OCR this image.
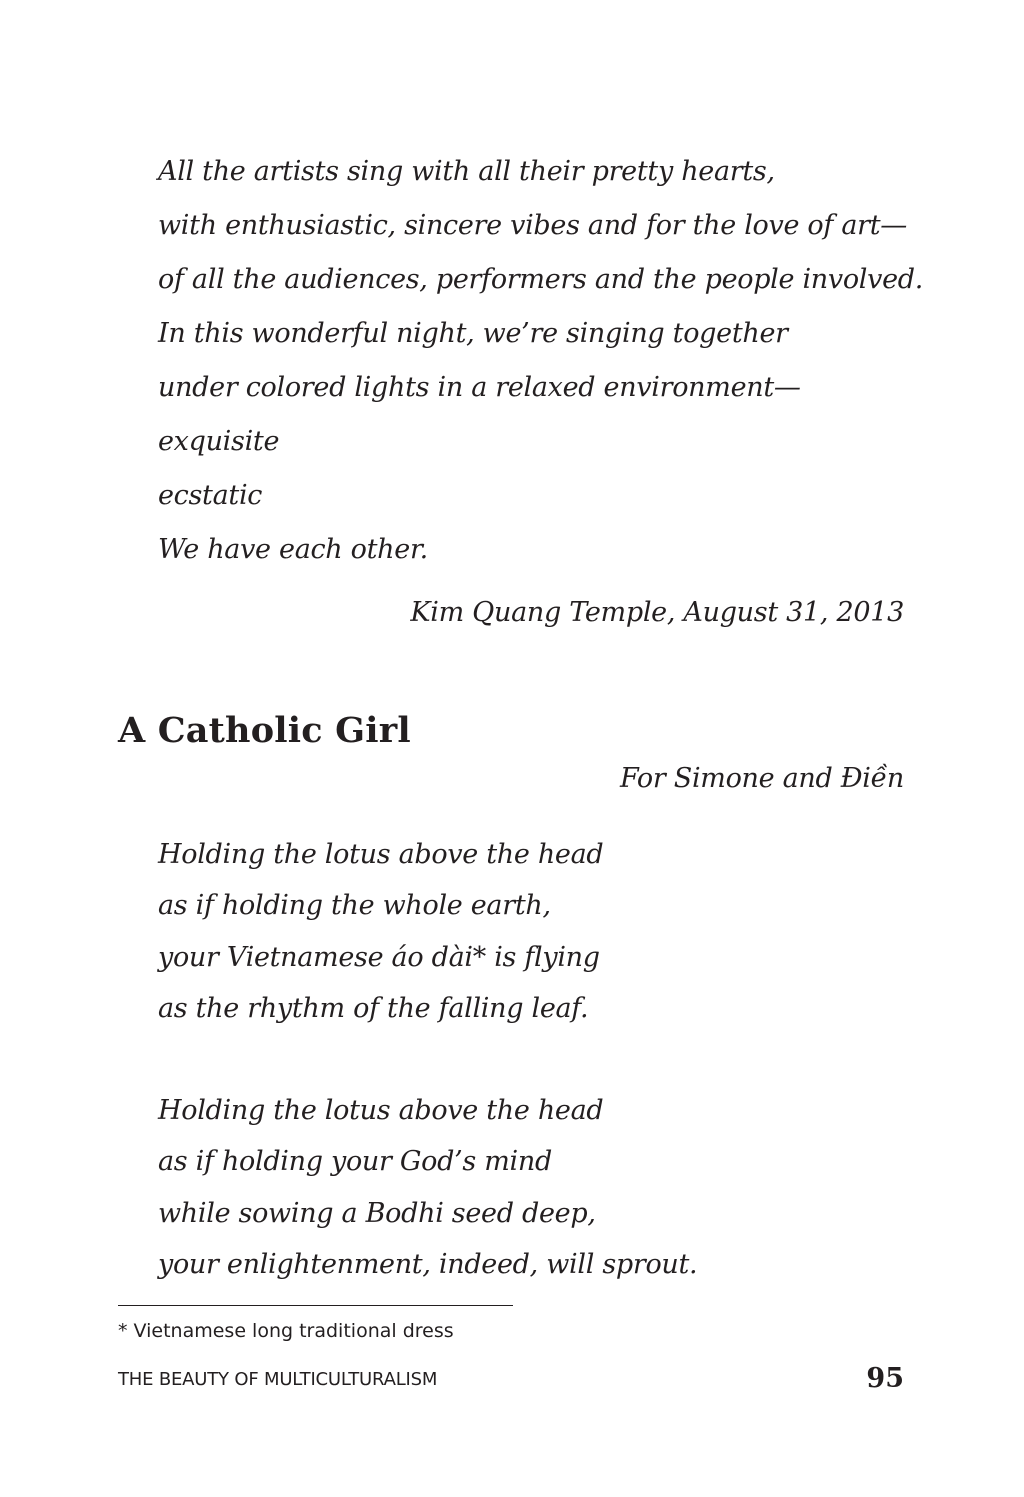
All the artists sing with all their pretty hearts,
with enthusiastic, sincere vibes and for the love of art—
of all the audiences, performers and the people involved.
In this wonderful night, we’re singing together
under colored lights in a relaxed environment—
exquisite
ecstatic
We have each other.

Kim Quang Temple, August 31, 2013

A Catholic Girl

For Simone and Điền

Holding the lotus above the head
as if holding the whole earth,
your Vietnamese áo dài* is flying
as the rhythm of the falling leaf.
Holding the lotus above the head
as if holding your God’s mind
while sowing a Bodhi seed deep,
your enlightenment, indeed, will sprout.

* Vietnamese long traditional dress

THE BEAUTY OF MULTICULTURALISM	95
